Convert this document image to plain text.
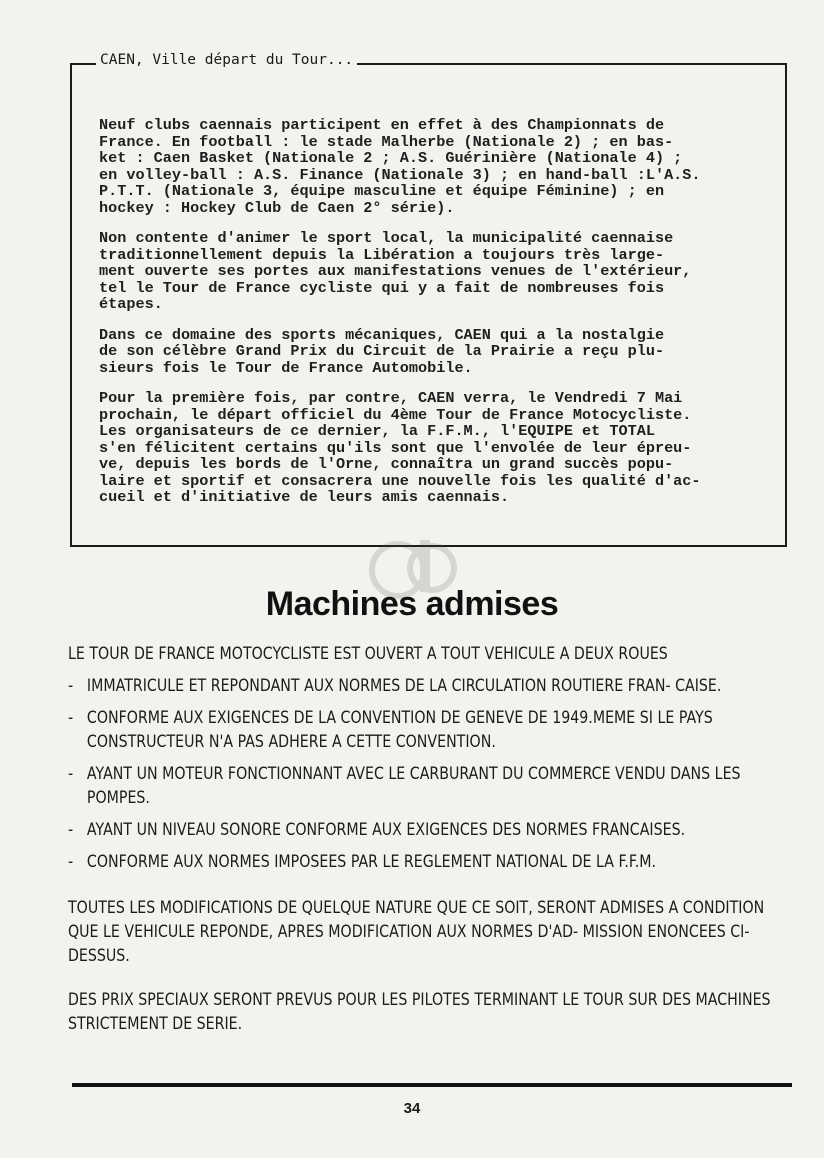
CAEN, Ville départ du Tour...

Neuf clubs caennais participent en effet à des Championnats de
France. En football : le stade Malherbe (Nationale 2) ; en bas-
ket : Caen Basket (Nationale 2 ; A.S. Guérinière (Nationale 4) ;
en volley-ball : A.S. Finance (Nationale 3) ; en hand-ball :L'A.S.
P.T.T. (Nationale 3, équipe masculine et équipe Féminine) ; en
hockey : Hockey Club de Caen 2° série).

Non contente d'animer le sport local, la municipalité caennaise
traditionnellement depuis la Libération a toujours très large-
ment ouverte ses portes aux manifestations venues de l'extérieur,
tel le Tour de France cycliste qui y a fait de nombreuses fois
étapes.

Dans ce domaine des sports mécaniques, CAEN qui a la nostalgie
de son célèbre Grand Prix du Circuit de la Prairie a reçu plu-
sieurs fois le Tour de France Automobile.

Pour la première fois, par contre, CAEN verra, le Vendredi 7 Mai
prochain, le départ officiel du 4ème Tour de France Motocycliste.
Les organisateurs de ce dernier, la F.F.M., l'EQUIPE et TOTAL
s'en félicitent certains qu'ils sont que l'envolée de leur épreu-
ve, depuis les bords de l'Orne, connaîtra un grand succès popu-
laire et sportif et consacrera une nouvelle fois les qualité d'ac-
cueil et d'initiative de leurs amis caennais.

Machines admises
LE TOUR DE FRANCE MOTOCYCLISTE EST OUVERT A TOUT VEHICULE A DEUX ROUES
- IMMATRICULE ET REPONDANT AUX NORMES DE LA CIRCULATION ROUTIERE FRAN- CAISE.
- CONFORME AUX EXIGENCES DE LA CONVENTION DE GENEVE DE 1949.MEME SI LE PAYS CONSTRUCTEUR N'A PAS ADHERE A CETTE CONVENTION.
- AYANT UN MOTEUR FONCTIONNANT AVEC LE CARBURANT DU COMMERCE VENDU DANS LES POMPES.
- AYANT UN NIVEAU SONORE CONFORME AUX EXIGENCES DES NORMES FRANCAISES.
- CONFORME AUX NORMES IMPOSEES PAR LE REGLEMENT NATIONAL DE LA F.F.M.
TOUTES LES MODIFICATIONS DE QUELQUE NATURE QUE CE SOIT, SERONT ADMISES A CONDITION QUE LE VEHICULE REPONDE, APRES MODIFICATION AUX NORMES D'AD- MISSION ENONCEES CI-DESSUS.
DES PRIX SPECIAUX SERONT PREVUS POUR LES PILOTES TERMINANT LE TOUR SUR DES MACHINES STRICTEMENT DE SERIE.
34
